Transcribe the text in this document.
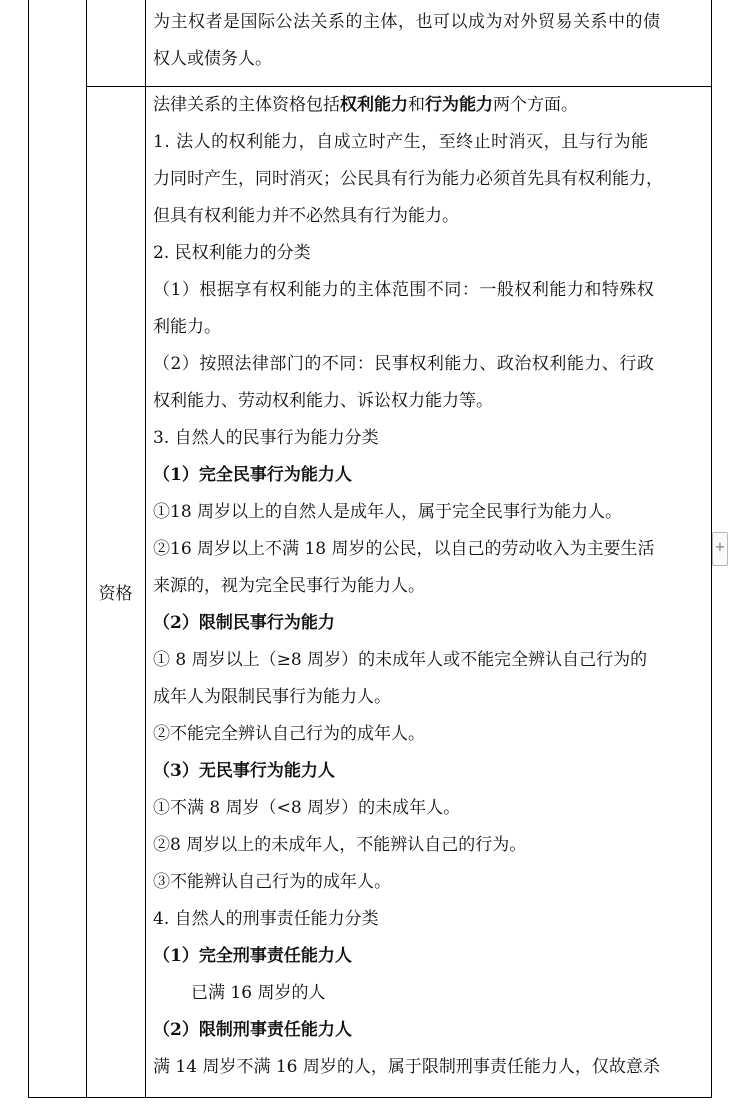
为主权者是国际公法关系的主体，也可以成为对外贸易关系中的债

权人或债务人。

资格

法律关系的主体资格包括权利能力和行为能力两个方面。

1. 法人的权利能力，自成立时产生，至终止时消灭，且与行为能

力同时产生，同时消灭；公民具有行为能力必须首先具有权利能力，

但具有权利能力并不必然具有行为能力。

2. 民权利能力的分类

（1）根据享有权利能力的主体范围不同：一般权利能力和特殊权

利能力。

（2）按照法律部门的不同：民事权利能力、政治权利能力、行政

权利能力、劳动权利能力、诉讼权力能力等。

3. 自然人的民事行为能力分类

（1）完全民事行为能力人

①18 周岁以上的自然人是成年人，属于完全民事行为能力人。

②16 周岁以上不满 18 周岁的公民，以自己的劳动收入为主要生活

来源的，视为完全民事行为能力人。

（2）限制民事行为能力

① 8 周岁以上（≥8 周岁）的未成年人或不能完全辨认自己行为的

成年人为限制民事行为能力人。

②不能完全辨认自己行为的成年人。

（3）无民事行为能力人

①不满 8 周岁（<8 周岁）的未成年人。

②8 周岁以上的未成年人，不能辨认自己的行为。

③不能辨认自己行为的成年人。

4. 自然人的刑事责任能力分类

（1）完全刑事责任能力人

已满 16 周岁的人

（2）限制刑事责任能力人

满 14 周岁不满 16 周岁的人，属于限制刑事责任能力人，仅故意杀

+
